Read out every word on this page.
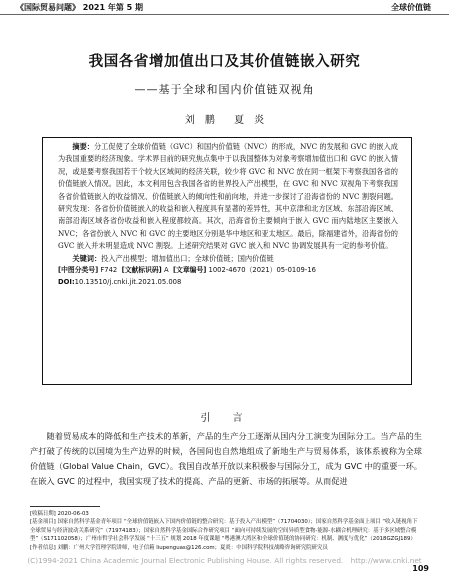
《国际贸易问题》 2021 年第 5 期	全球价值链
我国各省增加值出口及其价值链嵌入研究
——基于全球和国内价值链双视角
刘　鹏 夏　炎

摘要：分工促使了全球价值链（GVC）和国内价值链（NVC）的形成，NVC 的发展和 GVC 的嵌入成为我国重要的经济现象。学术界目前的研究焦点集中于以我国整体为对象考察增加值出口和 GVC 的嵌入情况，或是要考察我国若干个较大区域间的经济关联，较少将 GVC 和 NVC 放在同一框架下考察我国各省的价值链嵌入情况。因此，本文利用包含我国各省的世界投入产出模型，在 GVC 和 NVC 双视角下考察我国各省价值链嵌入的收益情况、价值链嵌入的倾向性和前向地，并进一步探讨了沿海省份的 NVC 割裂问题。研究发现：各省份价值链嵌入的收益和嵌入程度具有显著的差异性，其中京津和北方区域、东部沿海区域、南部沿海区域各省份收益和嵌入程度都较高。其次，沿海省份主要倾向于嵌入 GVC 而内陆地区主要嵌入 NVC；各省份嵌入 NVC 和 GVC 的主要地区分别是华中地区和亚太地区。最后，除福建省外，沿海省份的 GVC 嵌入并未明显造成 NVC 割裂。上述研究结果对 GVC 嵌入和 NVC 协调发展具有一定的参考价值。

关键词：投入产出模型；增加值出口；全球价值链；国内价值链

[中图分类号] F742 [文献标识码] A [文章编号] 1002-4670（2021）05-0109-16
DOI:10.13510/j.cnki.jit.2021.05.008
引　言
随着贸易成本的降低和生产技术的革新，产品的生产分工逐渐从国内分工演变为国际分工。当产品的生产打破了传统的以国境为生产边界的时候，各国间也自然地组成了新地生产与贸易体系，该体系被称为全球价值链（Global Value Chain，GVC）。我国自改革开放以来积极参与国际分工，成为 GVC 中的重要一环。在嵌入 GVC 的过程中，我国实现了技术的提高、产品的更新、市场的拓展等。从而促进
[收稿日期] 2020-06-03
[基金项目] 国家自然科学基金青年项目 “全球价值链嵌入下国内价值链的整合研究：基于投入产出模型”（71704030）；国家自然科学基金面上项目 “收入链视角下全球贸易与经济波动关系研究”（71974183）；国家自然科学基金国际合作研究项目 “面向可持续发展的空间异质型食物-能源-水耦合机理研究：基于多区域整合模型”（S171102058）；广州市哲学社会科学发展 “十三五” 规划 2018 年度课题 “粤港澳大湾区和全球价值链的协同研究：机制、测度与优化”（2018GZGJ189）
[作者信息] 刘鹏：广州大学管理学院讲师，电子信箱 liupenguas@126.com；夏炎：中国科学院科技战略咨询研究院研究员
(C)1994-2021 China Academic Journal Electronic Publishing House. All rights reserved.　http://www.cnki.net
109
